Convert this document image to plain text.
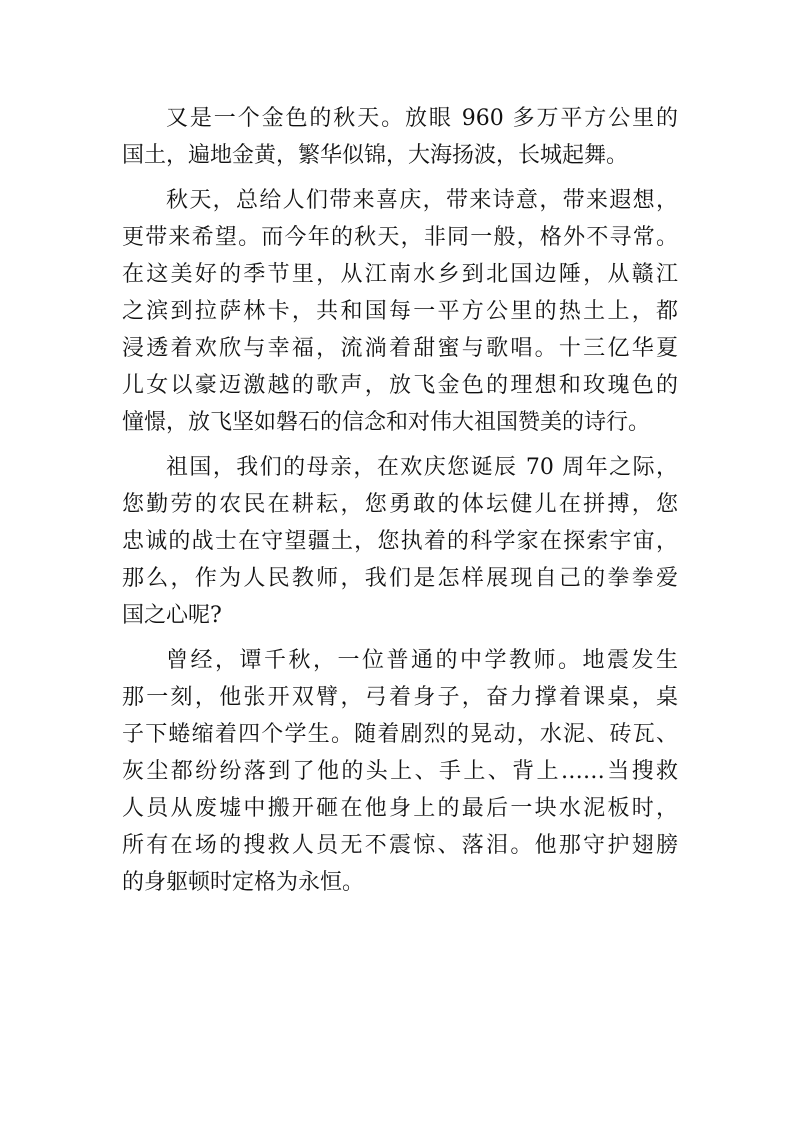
又是一个金色的秋天。放眼 960 多万平方公里的
国土，遍地金黄，繁华似锦，大海扬波，长城起舞。

秋天，总给人们带来喜庆，带来诗意，带来遐想，
更带来希望。而今年的秋天，非同一般，格外不寻常。
在这美好的季节里，从江南水乡到北国边陲，从赣江
之滨到拉萨林卡，共和国每一平方公里的热土上，都
浸透着欢欣与幸福，流淌着甜蜜与歌唱。十三亿华夏
儿女以豪迈激越的歌声，放飞金色的理想和玫瑰色的
憧憬，放飞坚如磐石的信念和对伟大祖国赞美的诗行。

祖国，我们的母亲，在欢庆您诞辰 70 周年之际，
您勤劳的农民在耕耘，您勇敢的体坛健儿在拼搏，您
忠诚的战士在守望疆土，您执着的科学家在探索宇宙，
那么，作为人民教师，我们是怎样展现自己的拳拳爱
国之心呢?

曾经，谭千秋，一位普通的中学教师。地震发生
那一刻，他张开双臂，弓着身子，奋力撑着课桌，桌
子下蜷缩着四个学生。随着剧烈的晃动，水泥、砖瓦、
灰尘都纷纷落到了他的头上、手上、背上……当搜救
人员从废墟中搬开砸在他身上的最后一块水泥板时，
所有在场的搜救人员无不震惊、落泪。他那守护翅膀
的身躯顿时定格为永恒。
